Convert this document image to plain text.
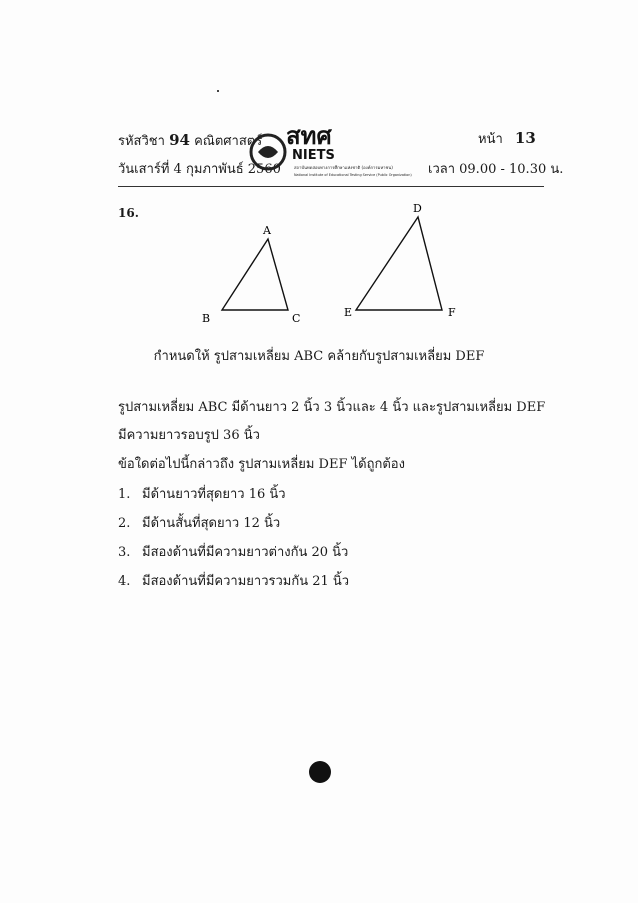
รหัสวิชา 94 คณิตศาสตร์
วันเสาร์ที่ 4 กุมภาพันธ์ 2560
หน้า 13
เวลา 09.00 - 10.30 น.
สทศ
NIETS
สถาบันทดสอบทางการศึกษาแห่งชาติ (องค์การมหาชน)
National Institute of Educational Testing Service (Public Organization)
16.
A
B	C
D
E	F
กำหนดให้ รูปสามเหลี่ยม ABC คล้ายกับรูปสามเหลี่ยม DEF
รูปสามเหลี่ยม ABC มีด้านยาว 2 นิ้ว 3 นิ้วและ 4 นิ้ว และรูปสามเหลี่ยม DEF
มีความยาวรอบรูป 36 นิ้ว
ข้อใดต่อไปนี้กล่าวถึง รูปสามเหลี่ยม DEF ได้ถูกต้อง
1. มีด้านยาวที่สุดยาว 16 นิ้ว
2. มีด้านสั้นที่สุดยาว 12 นิ้ว
3. มีสองด้านที่มีความยาวต่างกัน 20 นิ้ว
4. มีสองด้านที่มีความยาวรวมกัน 21 นิ้ว
